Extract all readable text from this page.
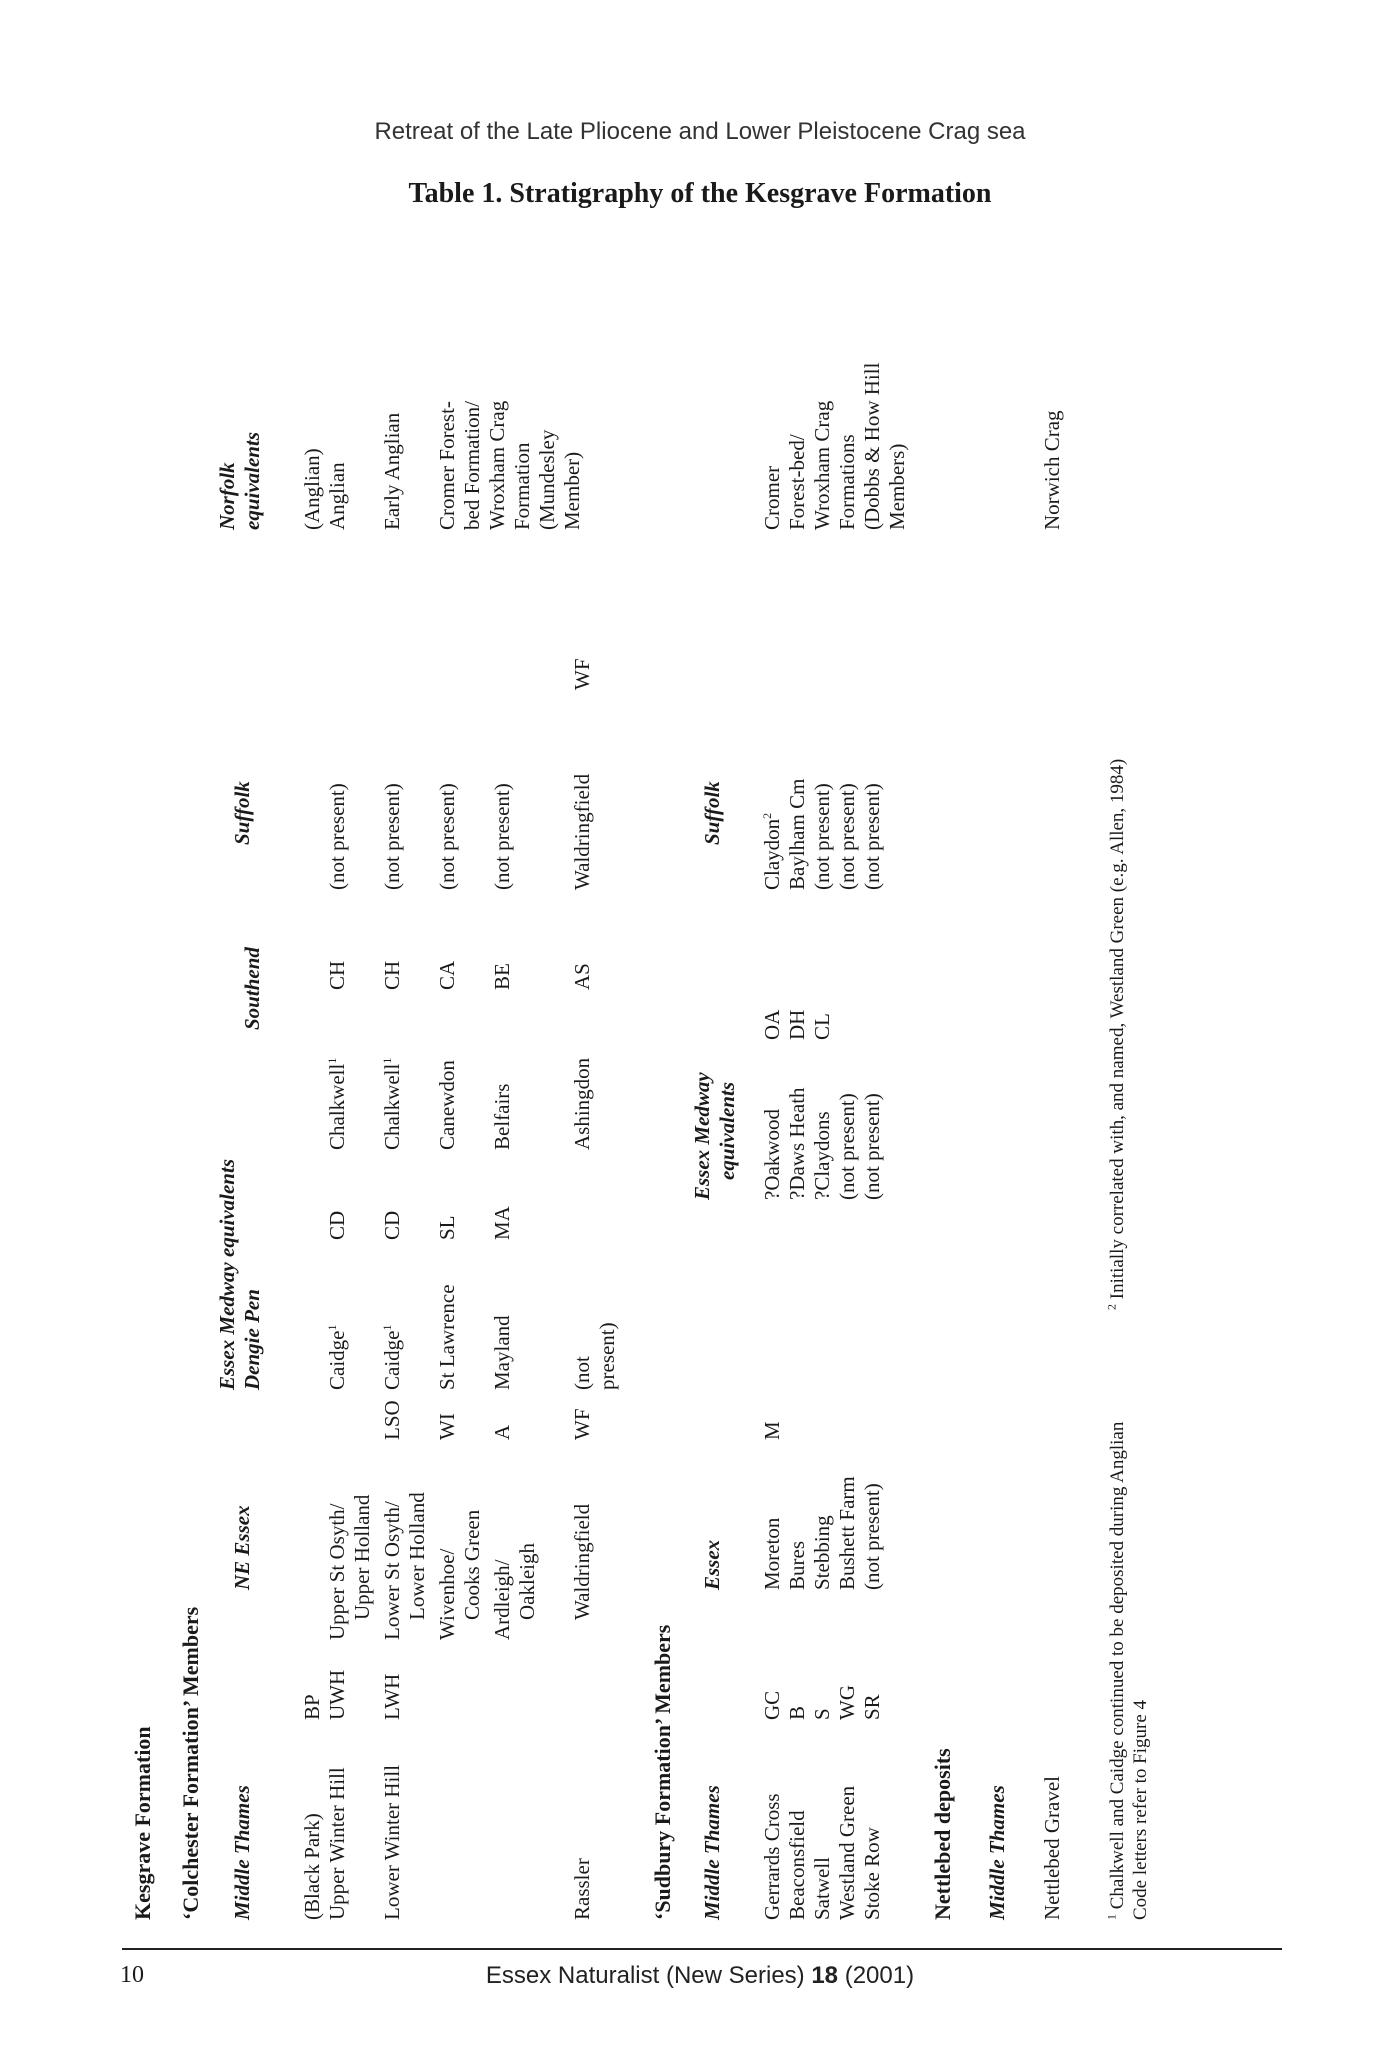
Retreat of the Late Pliocene and Lower Pleistocene Crag sea
Table 1. Stratigraphy of the Kesgrave Formation
Kesgrave Formation ‘Colchester Formation’ Members Middle Thames
NE Essex
Essex Medway equivalents Dengie Pen
Southend
Suffolk
Norfolk equivalents
(Black Park)
BP
Upper Winter Hill
UWH
Upper St Osyth/ Upper Holland
Caidge$^1$
CD
Chalkwell$^1$
CH
(not present)
(Anglian) Anglian
Lower Winter Hill
LWH
Lower St Osyth/ Lower Holland
LSO
Caidge$^1$
CD
Chalkwell$^1$
CH
(not present)
Early Anglian
Wivenhoe/ Cooks Green
WI
St Lawrence
SL
Canewdon
CA
(not present)
Cromer Forest- bed Formation/ Wroxham Crag Formation (Mundesley Member)
Ardleigh/ Oakleigh
A
Mayland
MA
Belfairs
BE
(not present)
Rassler
Waldringfield
WF
(not present)
Ashingdon
AS
Waldringfield
WF
‘Sudbury Formation’ Members Middle Thames
Essex
Essex Medway equivalents
Suffolk
Gerrards Cross Beaconsfield Satwell Westland Green Stoke Row
GC B S WG SR
Moreton Bures Stebbing Bushett Farm (not present)
M
?Oakwood ?Daws Heath ?Claydons (not present) (not present)
OA DH CL
Claydon$^2$ Baylham Cm (not present) (not present) (not present)
Cromer Forest-bed/ Wroxham Crag Formations (Dobbs & How Hill Members)
Nettlebed deposits Middle Thames Nettlebed Gravel
Norwich Crag
$^1$ Chalkwell and Caidge continued to be deposited during Anglian Code letters refer to Figure 4
$^2$ Initially correlated with, and named, Westland Green (e.g. Allen, 1984)
10	Essex Naturalist (New Series) 18 (2001)
